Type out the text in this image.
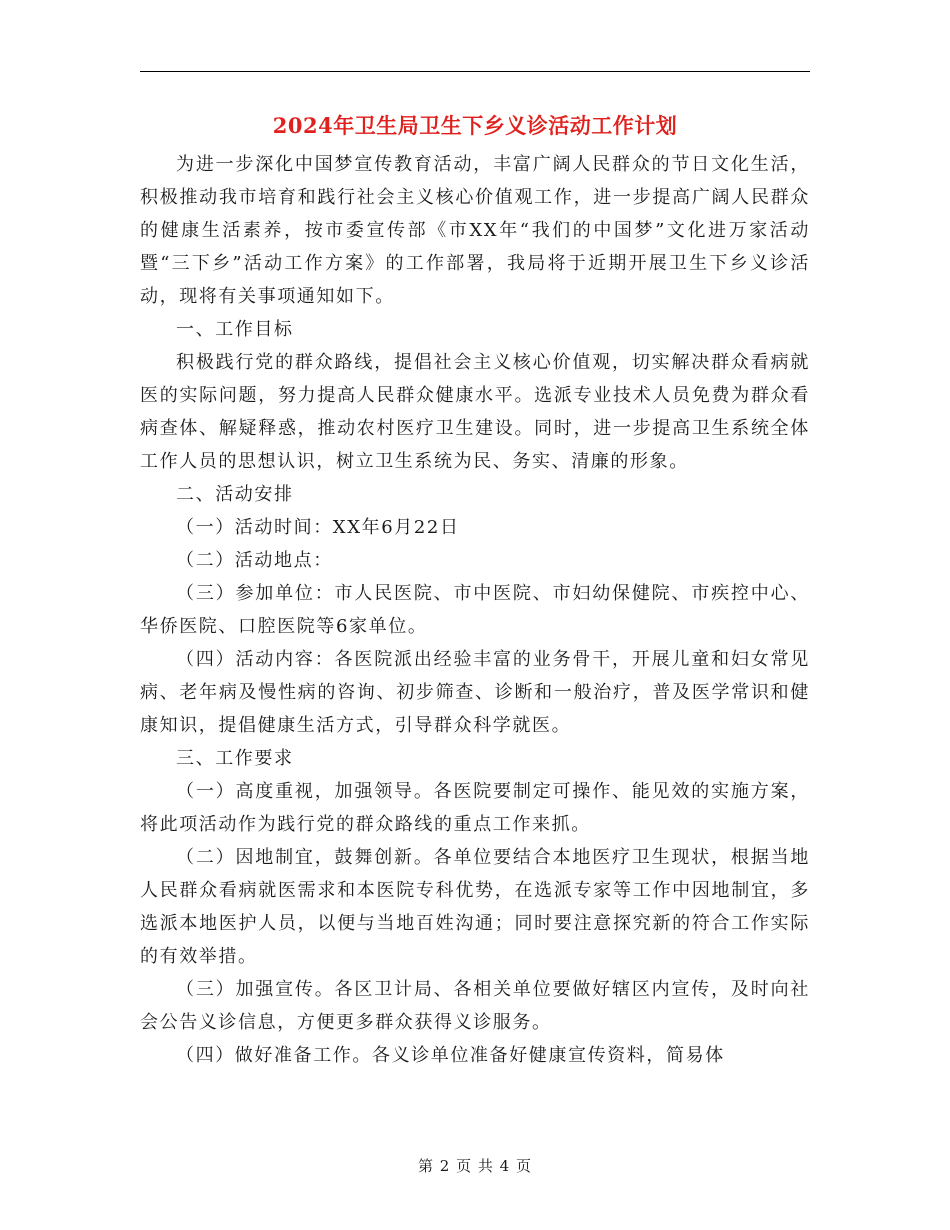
2024年卫生局卫生下乡义诊活动工作计划

为进一步深化中国梦宣传教育活动，丰富广阔人民群众的节日文化生活，积极推动我市培育和践行社会主义核心价值观工作，进一步提高广阔人民群众的健康生活素养，按市委宣传部《市XX年“我们的中国梦”文化进万家活动暨“三下乡”活动工作方案》的工作部署，我局将于近期开展卫生下乡义诊活动，现将有关事项通知如下。

一、工作目标

积极践行党的群众路线，提倡社会主义核心价值观，切实解决群众看病就医的实际问题，努力提高人民群众健康水平。选派专业技术人员免费为群众看病查体、解疑释惑，推动农村医疗卫生建设。同时，进一步提高卫生系统全体工作人员的思想认识，树立卫生系统为民、务实、清廉的形象。

二、活动安排

（一）活动时间：XX年6月22日

（二）活动地点：

（三）参加单位：市人民医院、市中医院、市妇幼保健院、市疾控中心、华侨医院、口腔医院等6家单位。

（四）活动内容：各医院派出经验丰富的业务骨干，开展儿童和妇女常见病、老年病及慢性病的咨询、初步筛查、诊断和一般治疗，普及医学常识和健康知识，提倡健康生活方式，引导群众科学就医。

三、工作要求

（一）高度重视，加强领导。各医院要制定可操作、能见效的实施方案，将此项活动作为践行党的群众路线的重点工作来抓。

（二）因地制宜，鼓舞创新。各单位要结合本地医疗卫生现状，根据当地人民群众看病就医需求和本医院专科优势，在选派专家等工作中因地制宜，多选派本地医护人员，以便与当地百姓沟通；同时要注意探究新的符合工作实际的有效举措。

（三）加强宣传。各区卫计局、各相关单位要做好辖区内宣传，及时向社会公告义诊信息，方便更多群众获得义诊服务。

（四）做好准备工作。各义诊单位准备好健康宣传资料，简易体

第 2 页 共 4 页
